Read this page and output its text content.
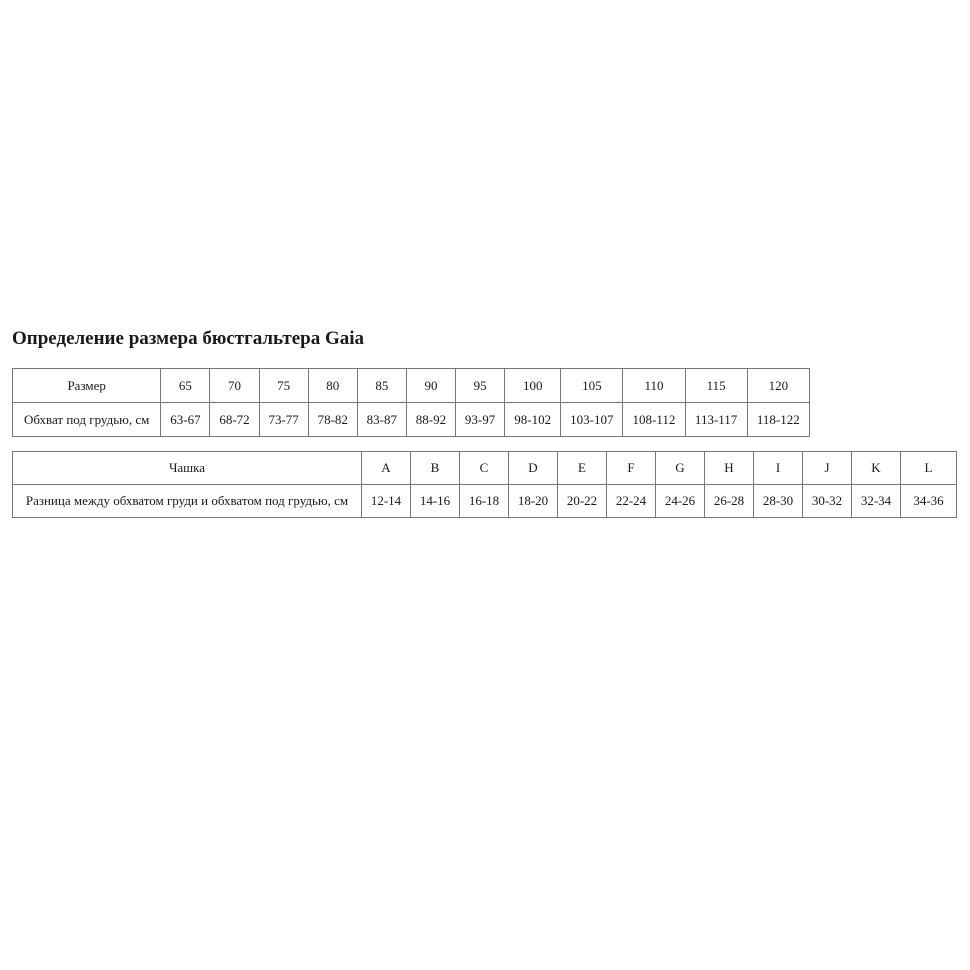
Определение размера бюстгальтера Gaia
Размер	65	70	75	80	85	90	95	100	105	110	115	120
Обхват под грудью, см	63-67	68-72	73-77	78-82	83-87	88-92	93-97	98-102	103-107	108-112	113-117	118-122
Чашка	A	B	C	D	E	F	G	H	I	J	K	L
Разница между обхватом груди и обхватом под грудью, см	12-14	14-16	16-18	18-20	20-22	22-24	24-26	26-28	28-30	30-32	32-34	34-36
